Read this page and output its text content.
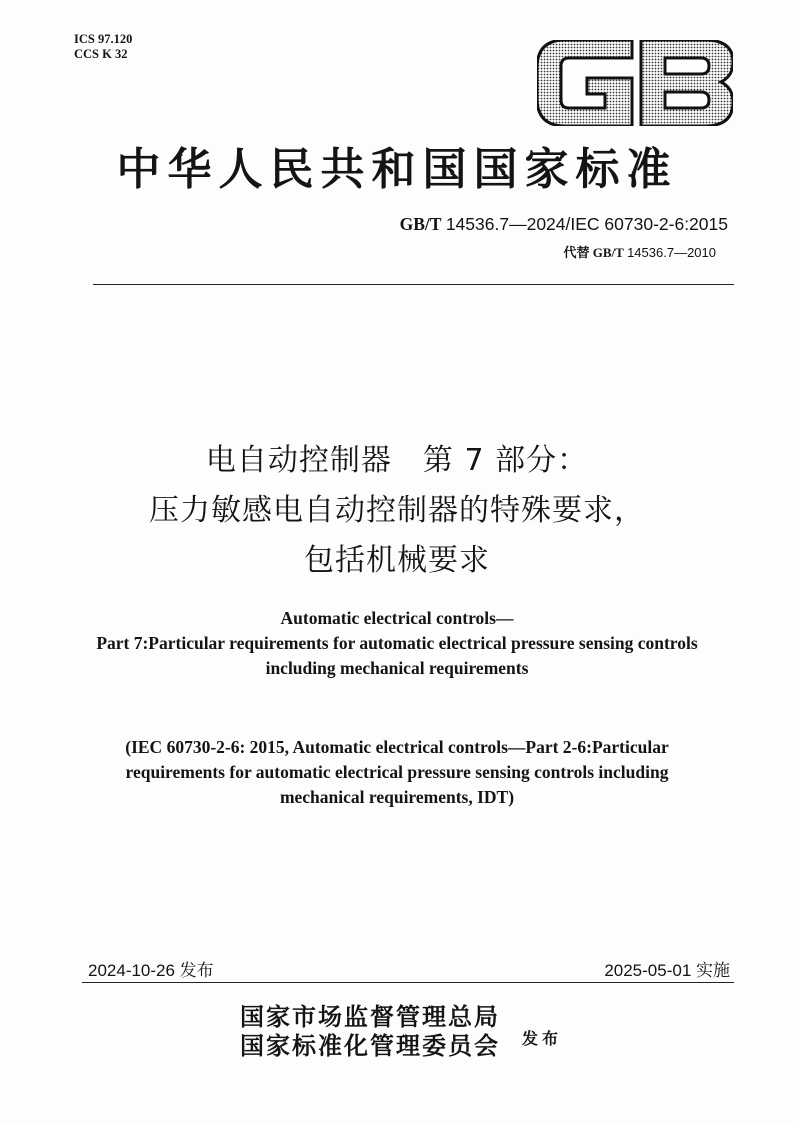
ICS 97.120
CCS K 32
中华人民共和国国家标准
GB/T 14536.7—2024/IEC 60730-2-6:2015
代替 GB/T 14536.7—2010
电自动控制器　第 7 部分：
压力敏感电自动控制器的特殊要求，
包括机械要求
Automatic electrical controls—
Part 7:Particular requirements for automatic electrical pressure sensing controls
including mechanical requirements
(IEC 60730-2-6: 2015, Automatic electrical controls—Part 2-6:Particular
requirements for automatic electrical pressure sensing controls including
mechanical requirements, IDT)
2024-10-26 发布	2025-05-01 实施
国家市场监督管理总局
国家标准化管理委员会 发布
